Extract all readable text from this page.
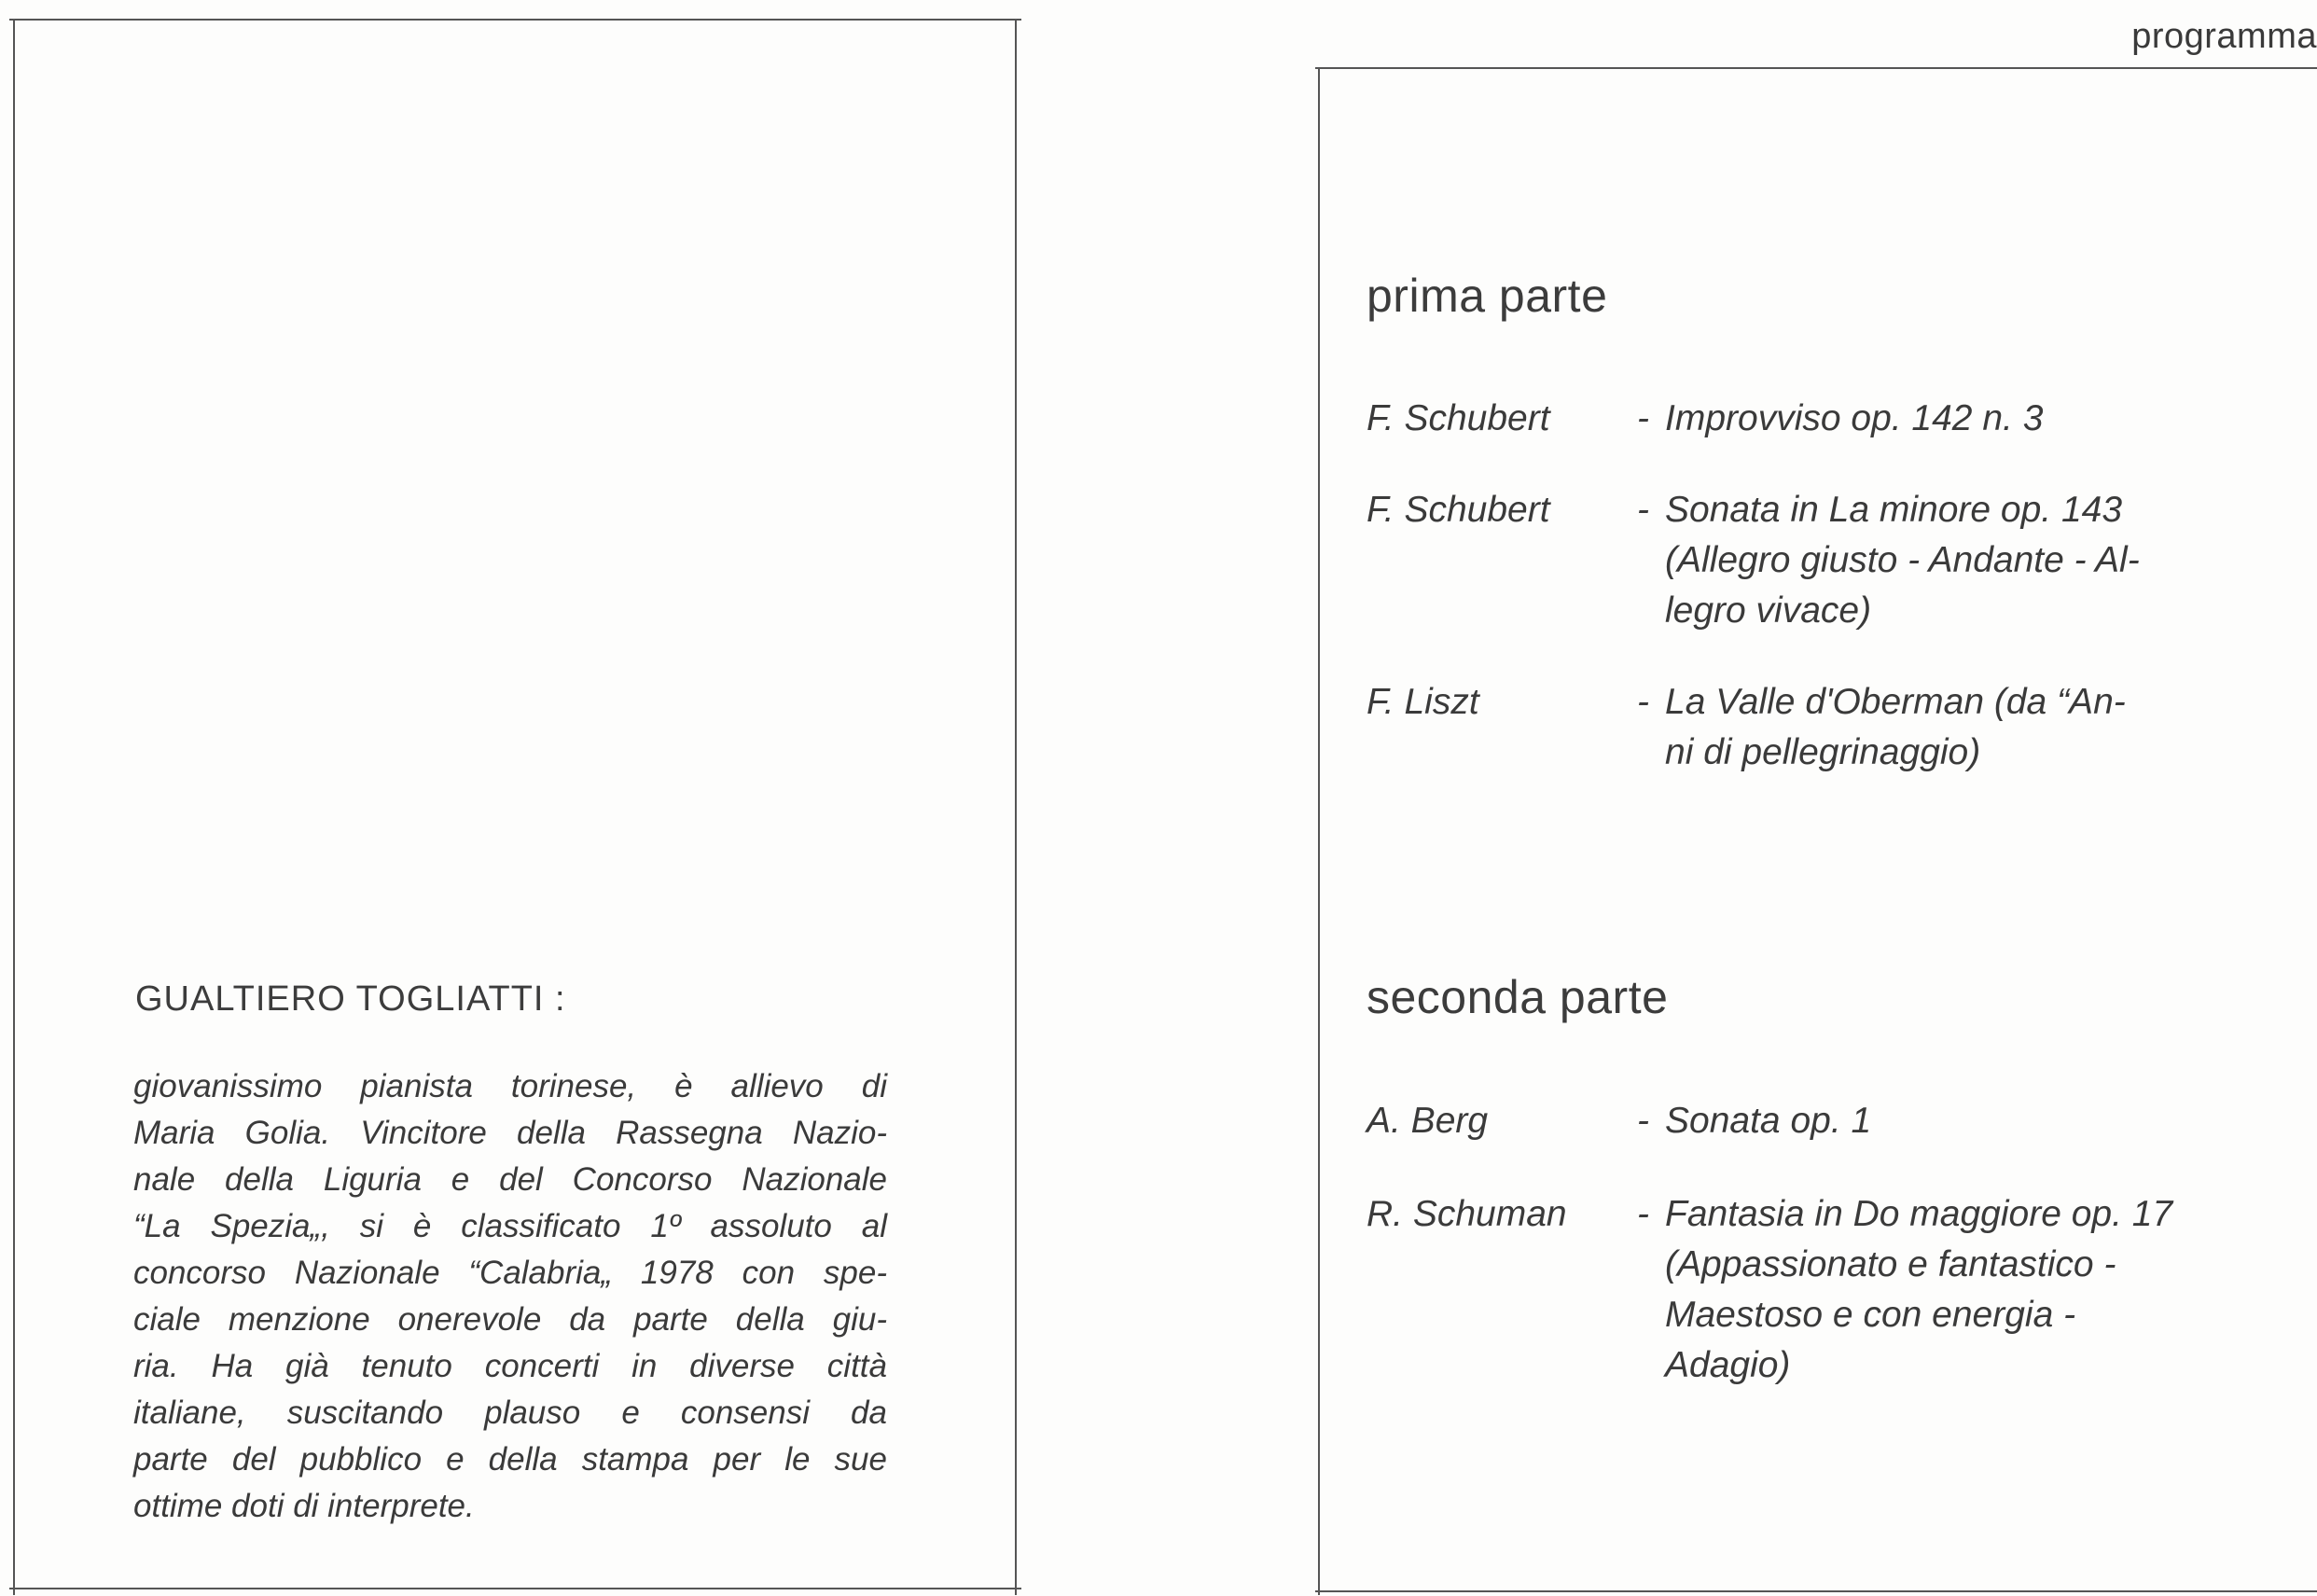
GUALTIERO TOGLIATTI :

giovanissimo pianista torinese, è allievo di
Maria Golia. Vincitore della Rassegna Nazio-
nale della Liguria e del Concorso Nazionale
“La Spezia„, si è classificato 1º assoluto al
concorso Nazionale “Calabria„ 1978 con spe-
ciale menzione onerevole da parte della giu-
ria. Ha già tenuto concerti in diverse città
italiane, suscitando plauso e consensi da
parte del pubblico e della stampa per le sue
ottime doti di interprete.

programma
prima parte
F. Schubert - Improvviso op. 142 n. 3
F. Schubert - Sonata in La minore op. 143
(Allegro giusto - Andante - Al-
legro vivace)
F. Liszt	- La Valle d'Oberman (da “An-
ni di pellegrinaggio)
seconda parte
A. Berg	- Sonata op. 1
R. Schuman - Fantasia in Do maggiore op. 17
(Appassionato e fantastico -
Maestoso e con energia -
Adagio)
